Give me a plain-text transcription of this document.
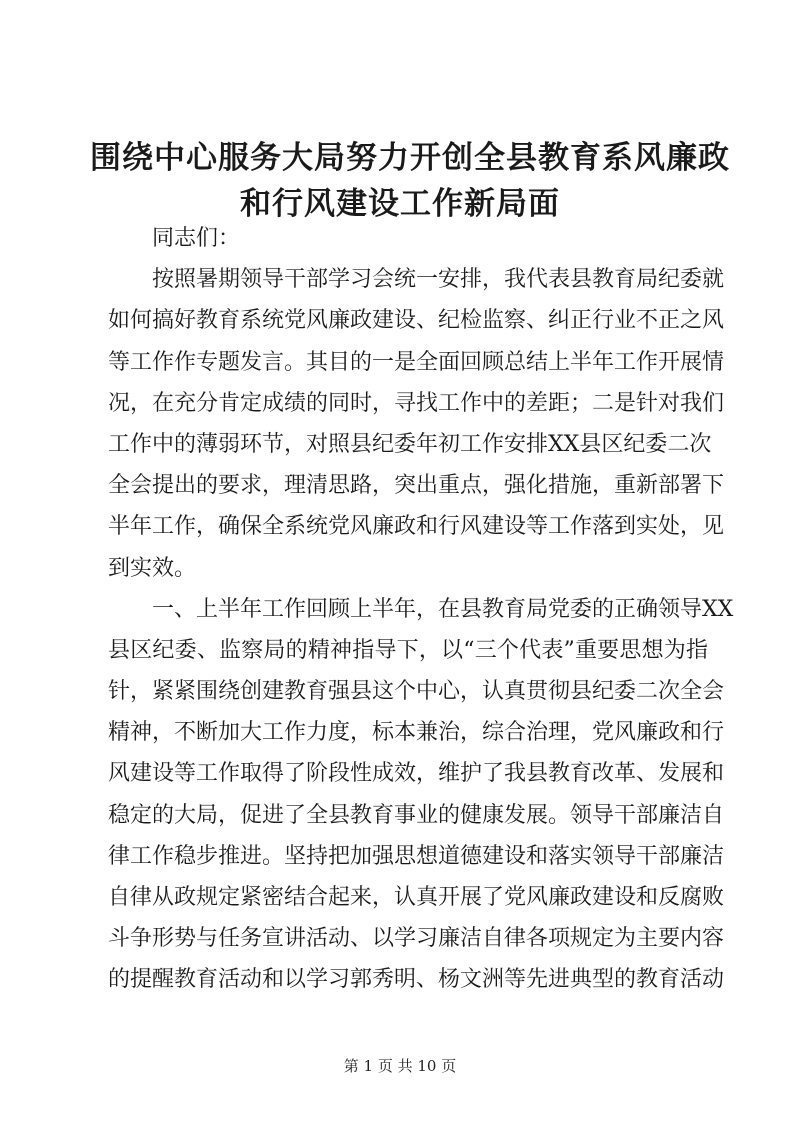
围绕中心服务大局努力开创全县教育系风廉政
和行风建设工作新局面
同志们：
按照暑期领导干部学习会统一安排，我代表县教育局纪委就
如何搞好教育系统党风廉政建设、纪检监察、纠正行业不正之风
等工作作专题发言。其目的一是全面回顾总结上半年工作开展情
况，在充分肯定成绩的同时，寻找工作中的差距；二是针对我们
工作中的薄弱环节，对照县纪委年初工作安排XX县区纪委二次
全会提出的要求，理清思路，突出重点，强化措施，重新部署下
半年工作，确保全系统党风廉政和行风建设等工作落到实处，见
到实效。
一、上半年工作回顾上半年，在县教育局党委的正确领导XX
县区纪委、监察局的精神指导下，以“三个代表”重要思想为指
针，紧紧围绕创建教育强县这个中心，认真贯彻县纪委二次全会
精神，不断加大工作力度，标本兼治，综合治理，党风廉政和行
风建设等工作取得了阶段性成效，维护了我县教育改革、发展和
稳定的大局，促进了全县教育事业的健康发展。领导干部廉洁自
律工作稳步推进。坚持把加强思想道德建设和落实领导干部廉洁
自律从政规定紧密结合起来，认真开展了党风廉政建设和反腐败
斗争形势与任务宣讲活动、以学习廉洁自律各项规定为主要内容
的提醒教育活动和以学习郭秀明、杨文洲等先进典型的教育活动
第 1 页 共 10 页
